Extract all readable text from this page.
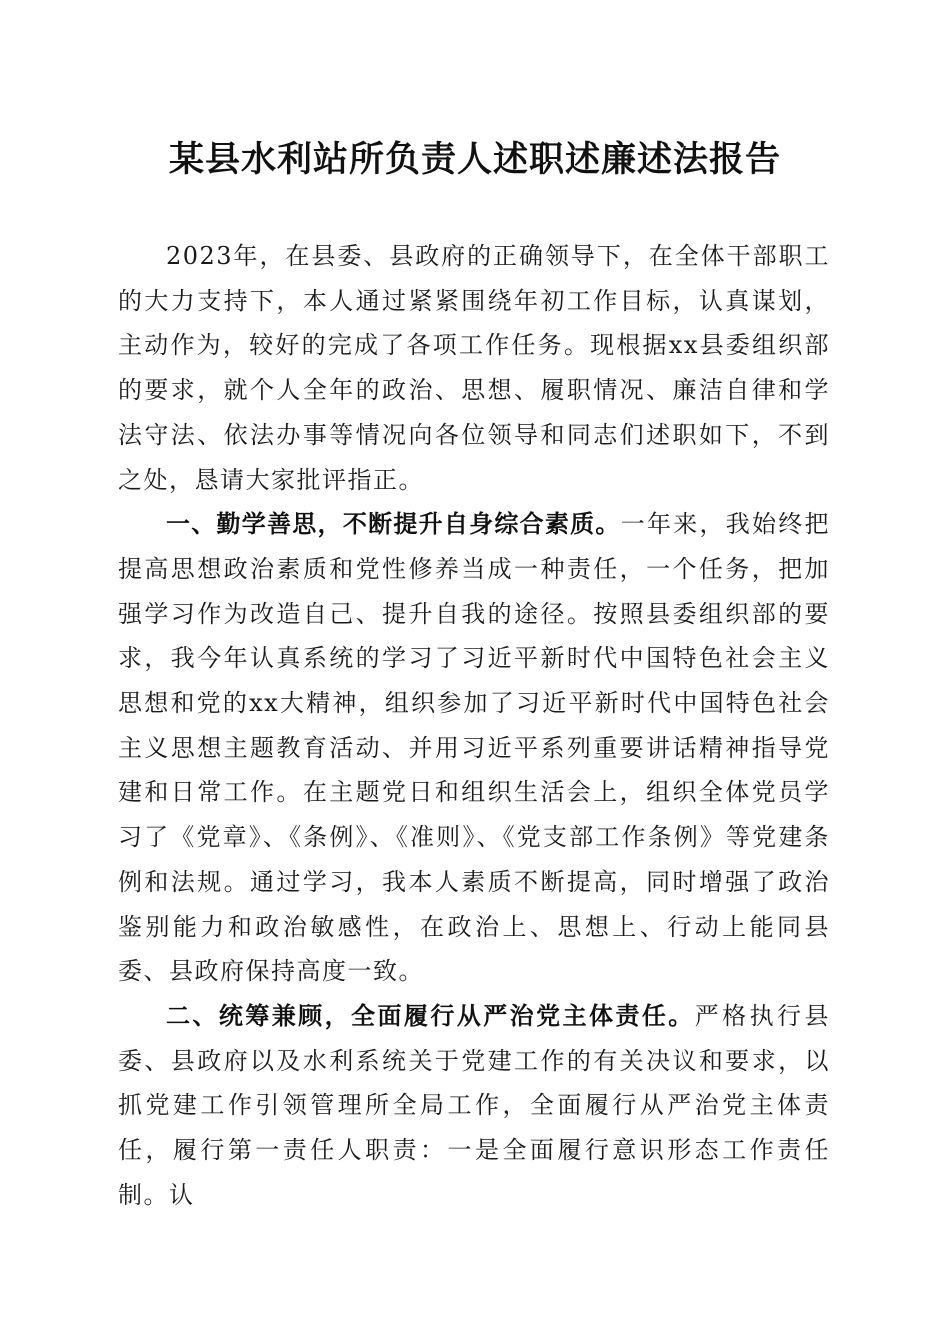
某县水利站所负责人述职述廉述法报告

2023年，在县委、县政府的正确领导下，在全体干部职工的大力支持下，本人通过紧紧围绕年初工作目标，认真谋划，主动作为，较好的完成了各项工作任务。现根据xx县委组织部的要求，就个人全年的政治、思想、履职情况、廉洁自律和学法守法、依法办事等情况向各位领导和同志们述职如下，不到之处，恳请大家批评指正。

一、勤学善思，不断提升自身综合素质。一年来，我始终把提高思想政治素质和党性修养当成一种责任，一个任务，把加强学习作为改造自己、提升自我的途径。按照县委组织部的要求，我今年认真系统的学习了习近平新时代中国特色社会主义思想和党的xx大精神，组织参加了习近平新时代中国特色社会主义思想主题教育活动、并用习近平系列重要讲话精神指导党建和日常工作。在主题党日和组织生活会上，组织全体党员学习了《党章》、《条例》、《准则》、《党支部工作条例》等党建条例和法规。通过学习，我本人素质不断提高，同时增强了政治鉴别能力和政治敏感性，在政治上、思想上、行动上能同县委、县政府保持高度一致。

二、统筹兼顾，全面履行从严治党主体责任。严格执行县委、县政府以及水利系统关于党建工作的有关决议和要求，以抓党建工作引领管理所全局工作，全面履行从严治党主体责任，履行第一责任人职责：一是全面履行意识形态工作责任制。认
